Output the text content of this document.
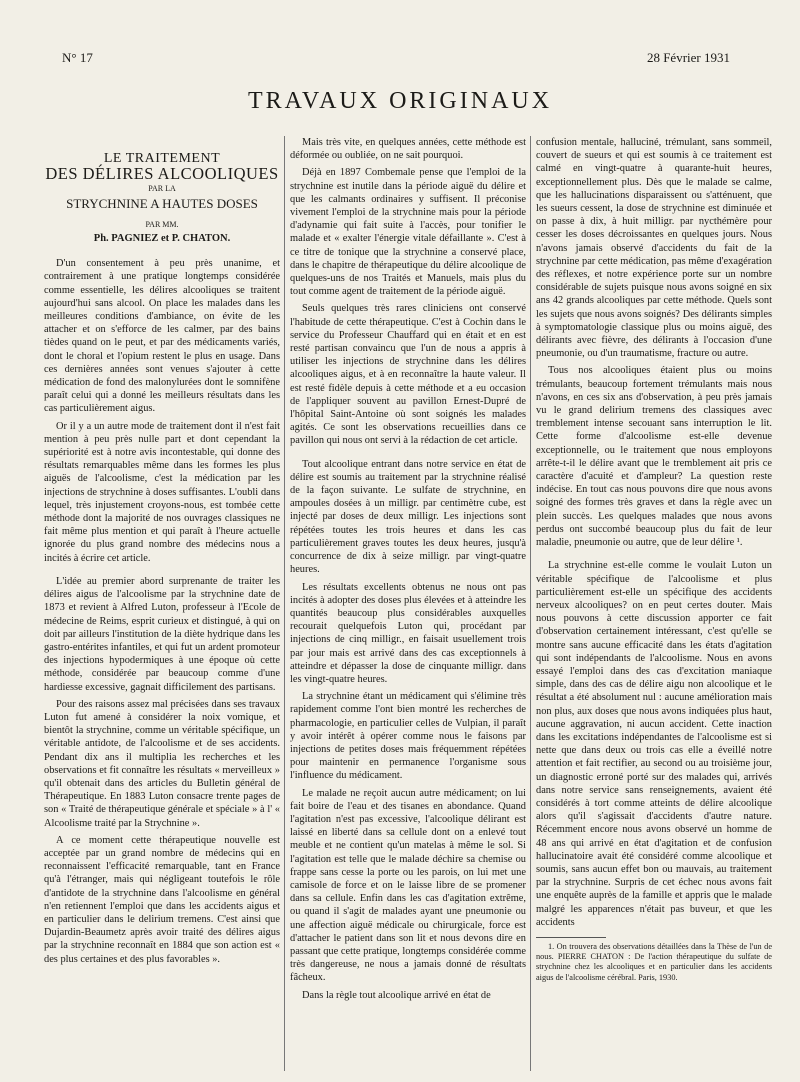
N° 17	28 Février 1931
TRAVAUX ORIGINAUX
LE TRAITEMENT
DES DÉLIRES ALCOOLIQUES
PAR LA
STRYCHNINE A HAUTES DOSES
PAR MM.
Ph. PAGNIEZ et P. CHATON.

D'un consentement à peu près unanime, et contrairement à une pratique longtemps considérée comme essentielle, les délires alcooliques se traitent aujourd'hui sans alcool. On place les malades dans les meilleures conditions d'ambiance, on évite de les attacher et on s'efforce de les calmer, par des bains tièdes quand on le peut, et par des médicaments variés, dont le choral et l'opium restent le plus en usage. Dans ces dernières années sont venues s'ajouter à cette médication de fond des malonylurées dont le somnifène paraît celui qui a donné les meilleurs résultats dans les cas particulièrement aigus.

Or il y a un autre mode de traitement dont il n'est fait mention à peu près nulle part et dont cependant la supériorité est à notre avis incontestable, qui donne des résultats remarquables même dans les formes les plus aiguës de l'alcoolisme, c'est la médication par les injections de strychnine à doses suffisantes. L'oubli dans lequel, très injustement croyons-nous, est tombée cette méthode dont la majorité de nos ouvrages classiques ne fait même plus mention et qui paraît à l'heure actuelle ignorée du plus grand nombre des médecins nous a incités à écrire cet article.

L'idée au premier abord surprenante de traiter les délires aigus de l'alcoolisme par la strychnine date de 1873 et revient à Alfred Luton, professeur à l'Ecole de médecine de Reims, esprit curieux et distingué, à qui on doit par ailleurs l'institution de la diète hydrique dans les gastro-entérites infantiles, et qui fut un ardent promoteur des injections hypodermiques à une époque où cette méthode, considérée par beaucoup comme d'une hardiesse excessive, gagnait difficilement des partisans.

Pour des raisons assez mal précisées dans ses travaux Luton fut amené à considérer la noix vomique, et bientôt la strychnine, comme un véritable spécifique, un véritable antidote, de l'alcoolisme et de ses accidents. Pendant dix ans il multiplia les recherches et les observations et fit connaître les résultats « merveilleux » qu'il obtenait dans des articles du Bulletin général de Thérapeutique. En 1883 Luton consacre trente pages de son « Traité de thérapeutique générale et spéciale » à l' « Alcoolisme traité par la Strychnine ».

A ce moment cette thérapeutique nouvelle est acceptée par un grand nombre de médecins qui en reconnaissent l'efficacité remarquable, tant en France qu'à l'étranger, mais qui négligeant toutefois le rôle d'antidote de la strychnine dans l'alcoolisme en général n'en retiennent l'emploi que dans les accidents aigus et en particulier dans le delirium tremens. C'est ainsi que Dujardin-Beaumetz après avoir traité des délires aigus par la strychnine reconnaît en 1884 que son action est « des plus certaines et des plus favorables ».

Mais très vite, en quelques années, cette méthode est déformée ou oubliée, on ne sait pourquoi.

Déjà en 1897 Combemale pense que l'emploi de la strychnine est inutile dans la période aiguë du délire et que les calmants ordinaires y suffisent. Il préconise vivement l'emploi de la strychnine mais pour la période d'adynamie qui fait suite à l'accès, pour tonifier le malade et « exalter l'énergie vitale défaillante ». C'est à ce titre de tonique que la strychnine a conservé place, dans le chapitre de thérapeutique du délire alcoolique de quelques-uns de nos Traités et Manuels, mais plus du tout comme agent de traitement de la période aiguë.

Seuls quelques très rares cliniciens ont conservé l'habitude de cette thérapeutique. C'est à Cochin dans le service du Professeur Chauffard qui en était et en est resté partisan convaincu que l'un de nous a appris à utiliser les injections de strychnine dans les délires alcooliques aigus, et à en reconnaître la haute valeur. Il est resté fidèle depuis à cette méthode et a eu occasion de l'appliquer souvent au pavillon Ernest-Dupré de l'hôpital Saint-Antoine où sont soignés les malades agités. Ce sont les observations recueillies dans ce pavillon qui nous ont servi à la rédaction de cet article.

Tout alcoolique entrant dans notre service en état de délire est soumis au traitement par la strychnine réalisé de la façon suivante. Le sulfate de strychnine, en ampoules dosées à un milligr. par centimètre cube, est injecté par doses de deux milligr. Les injections sont répétées toutes les trois heures et dans les cas particulièrement graves toutes les deux heures, jusqu'à concurrence de dix à seize milligr. par vingt-quatre heures.

Les résultats excellents obtenus ne nous ont pas incités à adopter des doses plus élevées et à atteindre les quantités beaucoup plus considérables auxquelles recourait quelquefois Luton qui, procédant par injections de cinq milligr., en faisait usuellement trois par jour mais est arrivé dans des cas exceptionnels à atteindre et dépasser la dose de cinquante milligr. dans les vingt-quatre heures.

La strychnine étant un médicament qui s'élimine très rapidement comme l'ont bien montré les recherches de pharmacologie, en particulier celles de Vulpian, il paraît y avoir intérêt à opérer comme nous le faisons par injections de petites doses mais fréquemment répétées pour maintenir en permanence l'organisme sous l'influence du médicament.

Le malade ne reçoit aucun autre médicament; on lui fait boire de l'eau et des tisanes en abondance. Quand l'agitation n'est pas excessive, l'alcoolique délirant est laissé en liberté dans sa cellule dont on a enlevé tout meuble et ne contient qu'un matelas à même le sol. Si l'agitation est telle que le malade déchire sa chemise ou frappe sans cesse la porte ou les parois, on lui met une camisole de force et on le laisse libre de se promener dans sa cellule. Enfin dans les cas d'agitation extrême, ou quand il s'agit de malades ayant une pneumonie ou une affection aiguë médicale ou chirurgicale, force est d'attacher le patient dans son lit et nous devons dire en passant que cette pratique, longtemps considérée comme très dangereuse, ne nous a jamais donné de résultats fâcheux.

Dans la règle tout alcoolique arrivé en état de

confusion mentale, halluciné, trémulant, sans sommeil, couvert de sueurs et qui est soumis à ce traitement est calmé en vingt-quatre à quarante-huit heures, exceptionnellement plus. Dès que le malade se calme, que les hallucinations disparaissent ou s'atténuent, que les sueurs cessent, la dose de strychnine est diminuée et on passe à dix, à huit milligr. par nycthémère pour cesser les doses décroissantes en quelques jours. Nous n'avons jamais observé d'accidents du fait de la strychnine par cette médication, pas même d'exagération des réflexes, et notre expérience porte sur un nombre considérable de sujets puisque nous avons soigné en six ans 42 grands alcooliques par cette méthode. Quels sont les sujets que nous avons soignés? Des délirants simples à symptomatologie classique plus ou moins aiguë, des délirants avec fièvre, des délirants à l'occasion d'une pneumonie, ou d'un traumatisme, fracture ou autre.

Tous nos alcooliques étaient plus ou moins trémulants, beaucoup fortement trémulants mais nous n'avons, en ces six ans d'observation, à peu près jamais vu le grand delirium tremens des classiques avec tremblement intense secouant sans interruption le lit. Cette forme d'alcoolisme est-elle devenue exceptionnelle, ou le traitement que nous employons arrête-t-il le délire avant que le tremblement ait pris ce caractère d'acuité et d'ampleur? La question reste indécise. En tout cas nous pouvons dire que nous avons soigné des formes très graves et dans la règle avec un plein succès. Les quelques malades que nous avons perdus ont succombé beaucoup plus du fait de leur maladie, pneumonie ou autre, que de leur délire ¹.

La strychnine est-elle comme le voulait Luton un véritable spécifique de l'alcoolisme et plus particulièrement est-elle un spécifique des accidents nerveux alcooliques? on en peut certes douter. Mais nous pouvons à cette discussion apporter ce fait d'observation certainement intéressant, c'est qu'elle se montre sans aucune efficacité dans les états d'agitation qui sont indépendants de l'alcoolisme. Nous en avons essayé l'emploi dans des cas d'excitation maniaque simple, dans des cas de délire aigu non alcoolique et le résultat a été absolument nul : aucune amélioration mais non plus, aux doses que nous avons indiquées plus haut, aucune aggravation, ni aucun accident. Cette inaction dans les excitations indépendantes de l'alcoolisme est si nette que dans deux ou trois cas elle a éveillé notre attention et fait rectifier, au second ou au troisième jour, un diagnostic erroné porté sur des malades qui, arrivés dans notre service sans renseignements, avaient été considérés à tort comme atteints de délire alcoolique alors qu'il s'agissait d'accidents d'autre nature. Récemment encore nous avons observé un homme de 48 ans qui arrivé en état d'agitation et de confusion hallucinatoire avait été considéré comme alcoolique et soumis, sans aucun effet bon ou mauvais, au traitement par la strychnine. Surpris de cet échec nous avons fait une enquête auprès de la famille et appris que le malade malgré les apparences n'était pas buveur, et que les accidents

1. On trouvera des observations détaillées dans la Thèse de l'un de nous. PIERRE CHATON : De l'action thérapeutique du sulfate de strychnine chez les alcooliques et en particulier dans les accidents aigus de l'alcoolisme cérébral. Paris, 1930.
